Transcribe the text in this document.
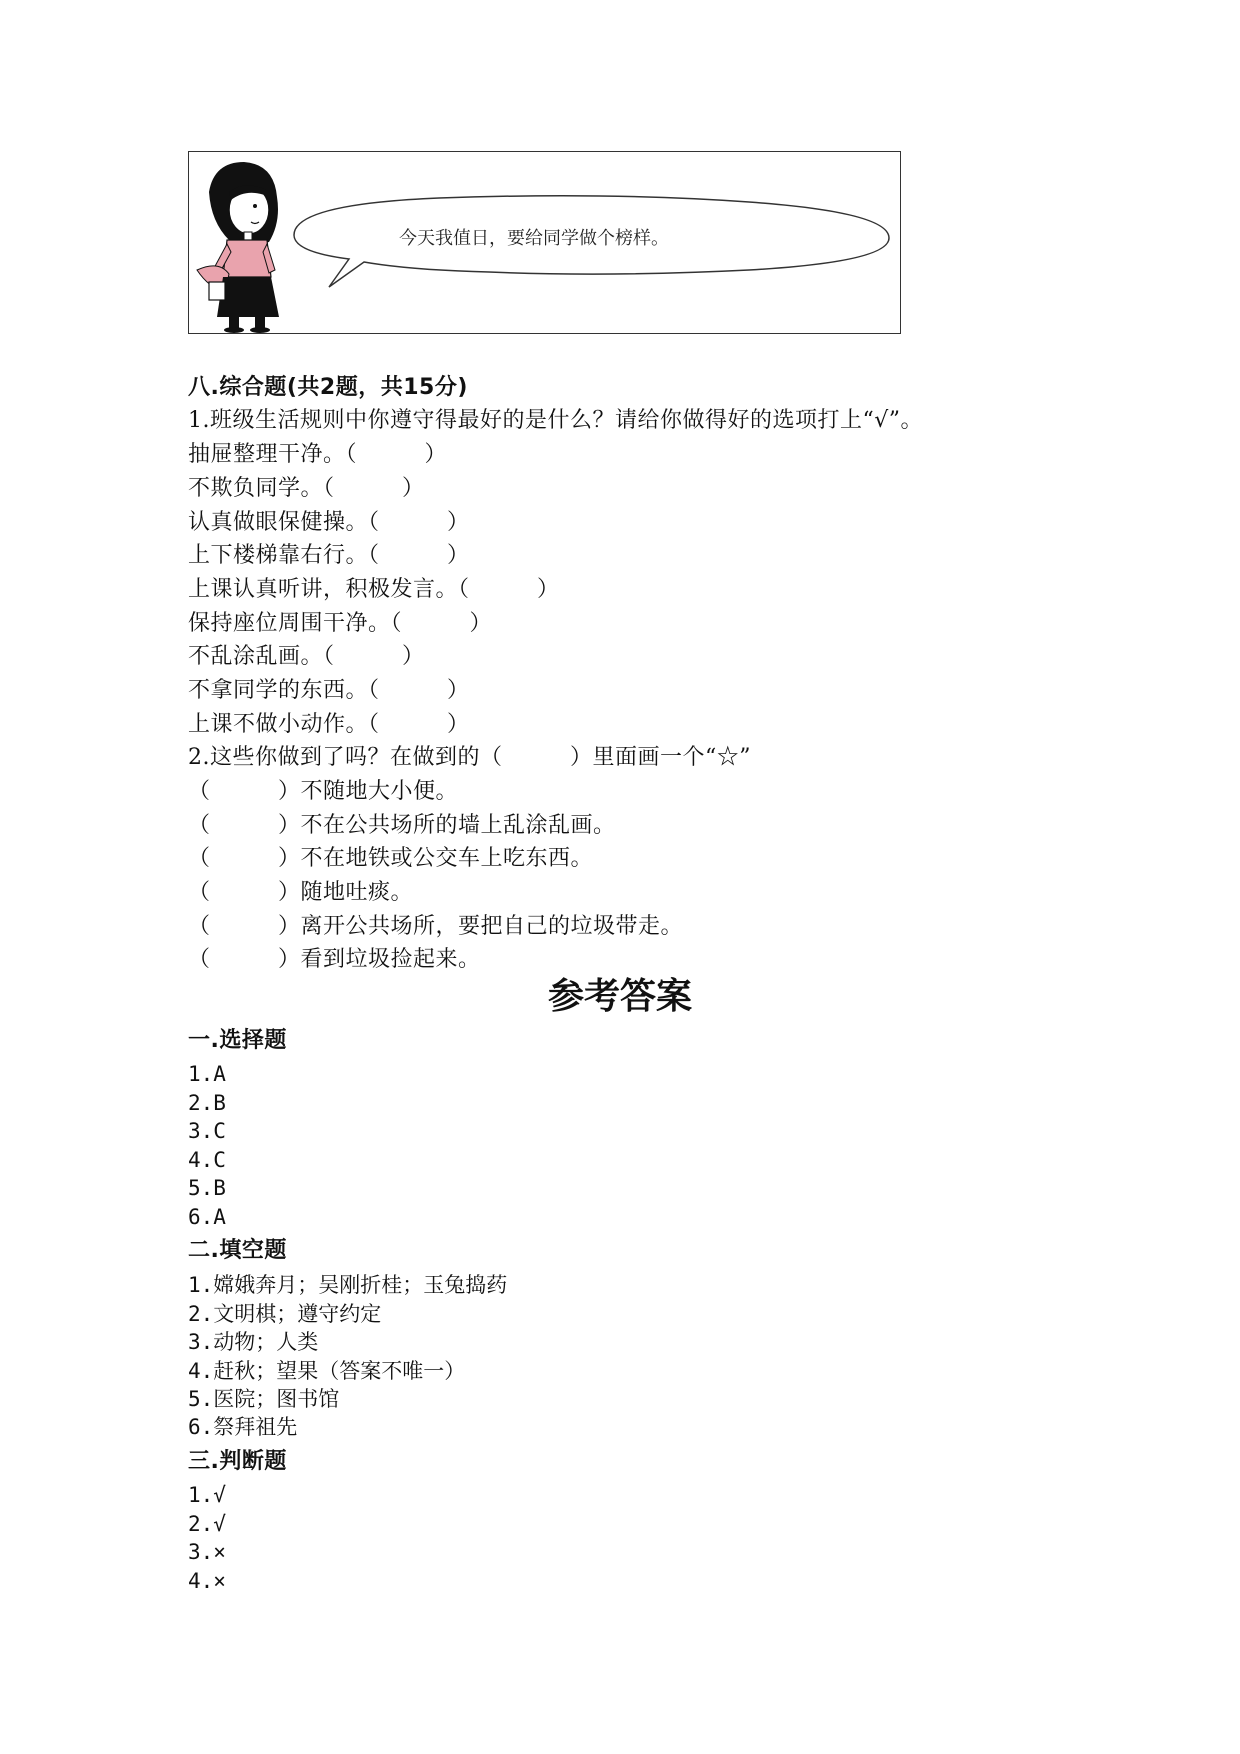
今天我值日，要给同学做个榜样。
八.综合题(共2题，共15分)
1.班级生活规则中你遵守得最好的是什么？请给你做得好的选项打上“√”。
抽屉整理干净。（　　　）
不欺负同学。（　　　）
认真做眼保健操。（　　　）
上下楼梯靠右行。（　　　）
上课认真听讲，积极发言。（　　　）
保持座位周围干净。（　　　）
不乱涂乱画。（　　　）
不拿同学的东西。（　　　）
上课不做小动作。（　　　）
2.这些你做到了吗？在做到的（　　　）里面画一个“☆”
（　　　）不随地大小便。
（　　　）不在公共场所的墙上乱涂乱画。
（　　　）不在地铁或公交车上吃东西。
（　　　）随地吐痰。
（　　　）离开公共场所，要把自己的垃圾带走。
（　　　）看到垃圾捡起来。
参考答案
一.选择题
1.A
2.B
3.C
4.C
5.B
6.A
二.填空题
1.嫦娥奔月；吴刚折桂；玉兔捣药
2.文明棋；遵守约定
3.动物；人类
4.赶秋；望果（答案不唯一）
5.医院；图书馆
6.祭拜祖先
三.判断题
1.√
2.√
3.×
4.×
